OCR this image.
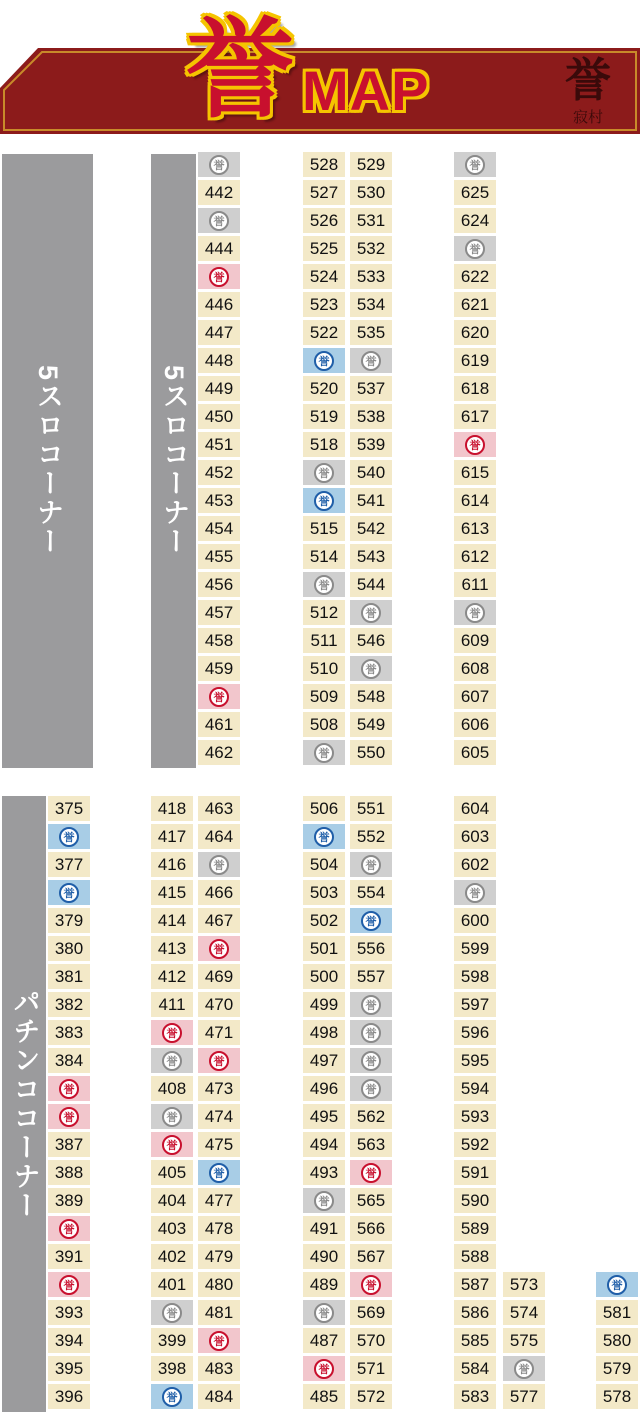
誉 MAP	誉
寂村
5スロコーナー	5スロコーナー
パチンココーナー
誉
442
誉
444
誉
446
447
448
449
450
451
452
453
454
455
456
457
458
459
誉
461
462
528
527
526
525
524
523
522
誉
520
519
518
誉
誉
515
514
誉
512
511
510
509
508
誉
529
530
531
532
533
534
535
誉
537
538
539
540
541
542
543
544
誉
546
誉
548
549
550
誉
625
624
誉
622
621
620
619
618
617
誉
615
614
613
612
611
誉
609
608
607
606
605
375
誉
377
誉
379
380
381
382
383
384
誉
誉
387
388
389
誉
391
誉
393
394
395
396
418
417
416
415
414
413
412
411
誉
誉
408
誉
誉
405
404
403
402
401
誉
399
398
誉
463
464
誉
466
467
誉
469
470
471
誉
473
474
475
誉
477
478
479
480
481
誉
483
484
506
誉
504
503
502
501
500
499
498
497
496
495
494
493
誉
491
490
489
誉
487
誉
485
551
552
誉
554
誉
556
557
誉
誉
誉
誉
562
563
誉
565
566
567
誉
569
570
571
572
604
603
602
誉
600
599
598
597
596
595
594
593
592
591
590
589
588
587
586
585
584
583
573
574
575
誉
577
誉
581
580
579
578
